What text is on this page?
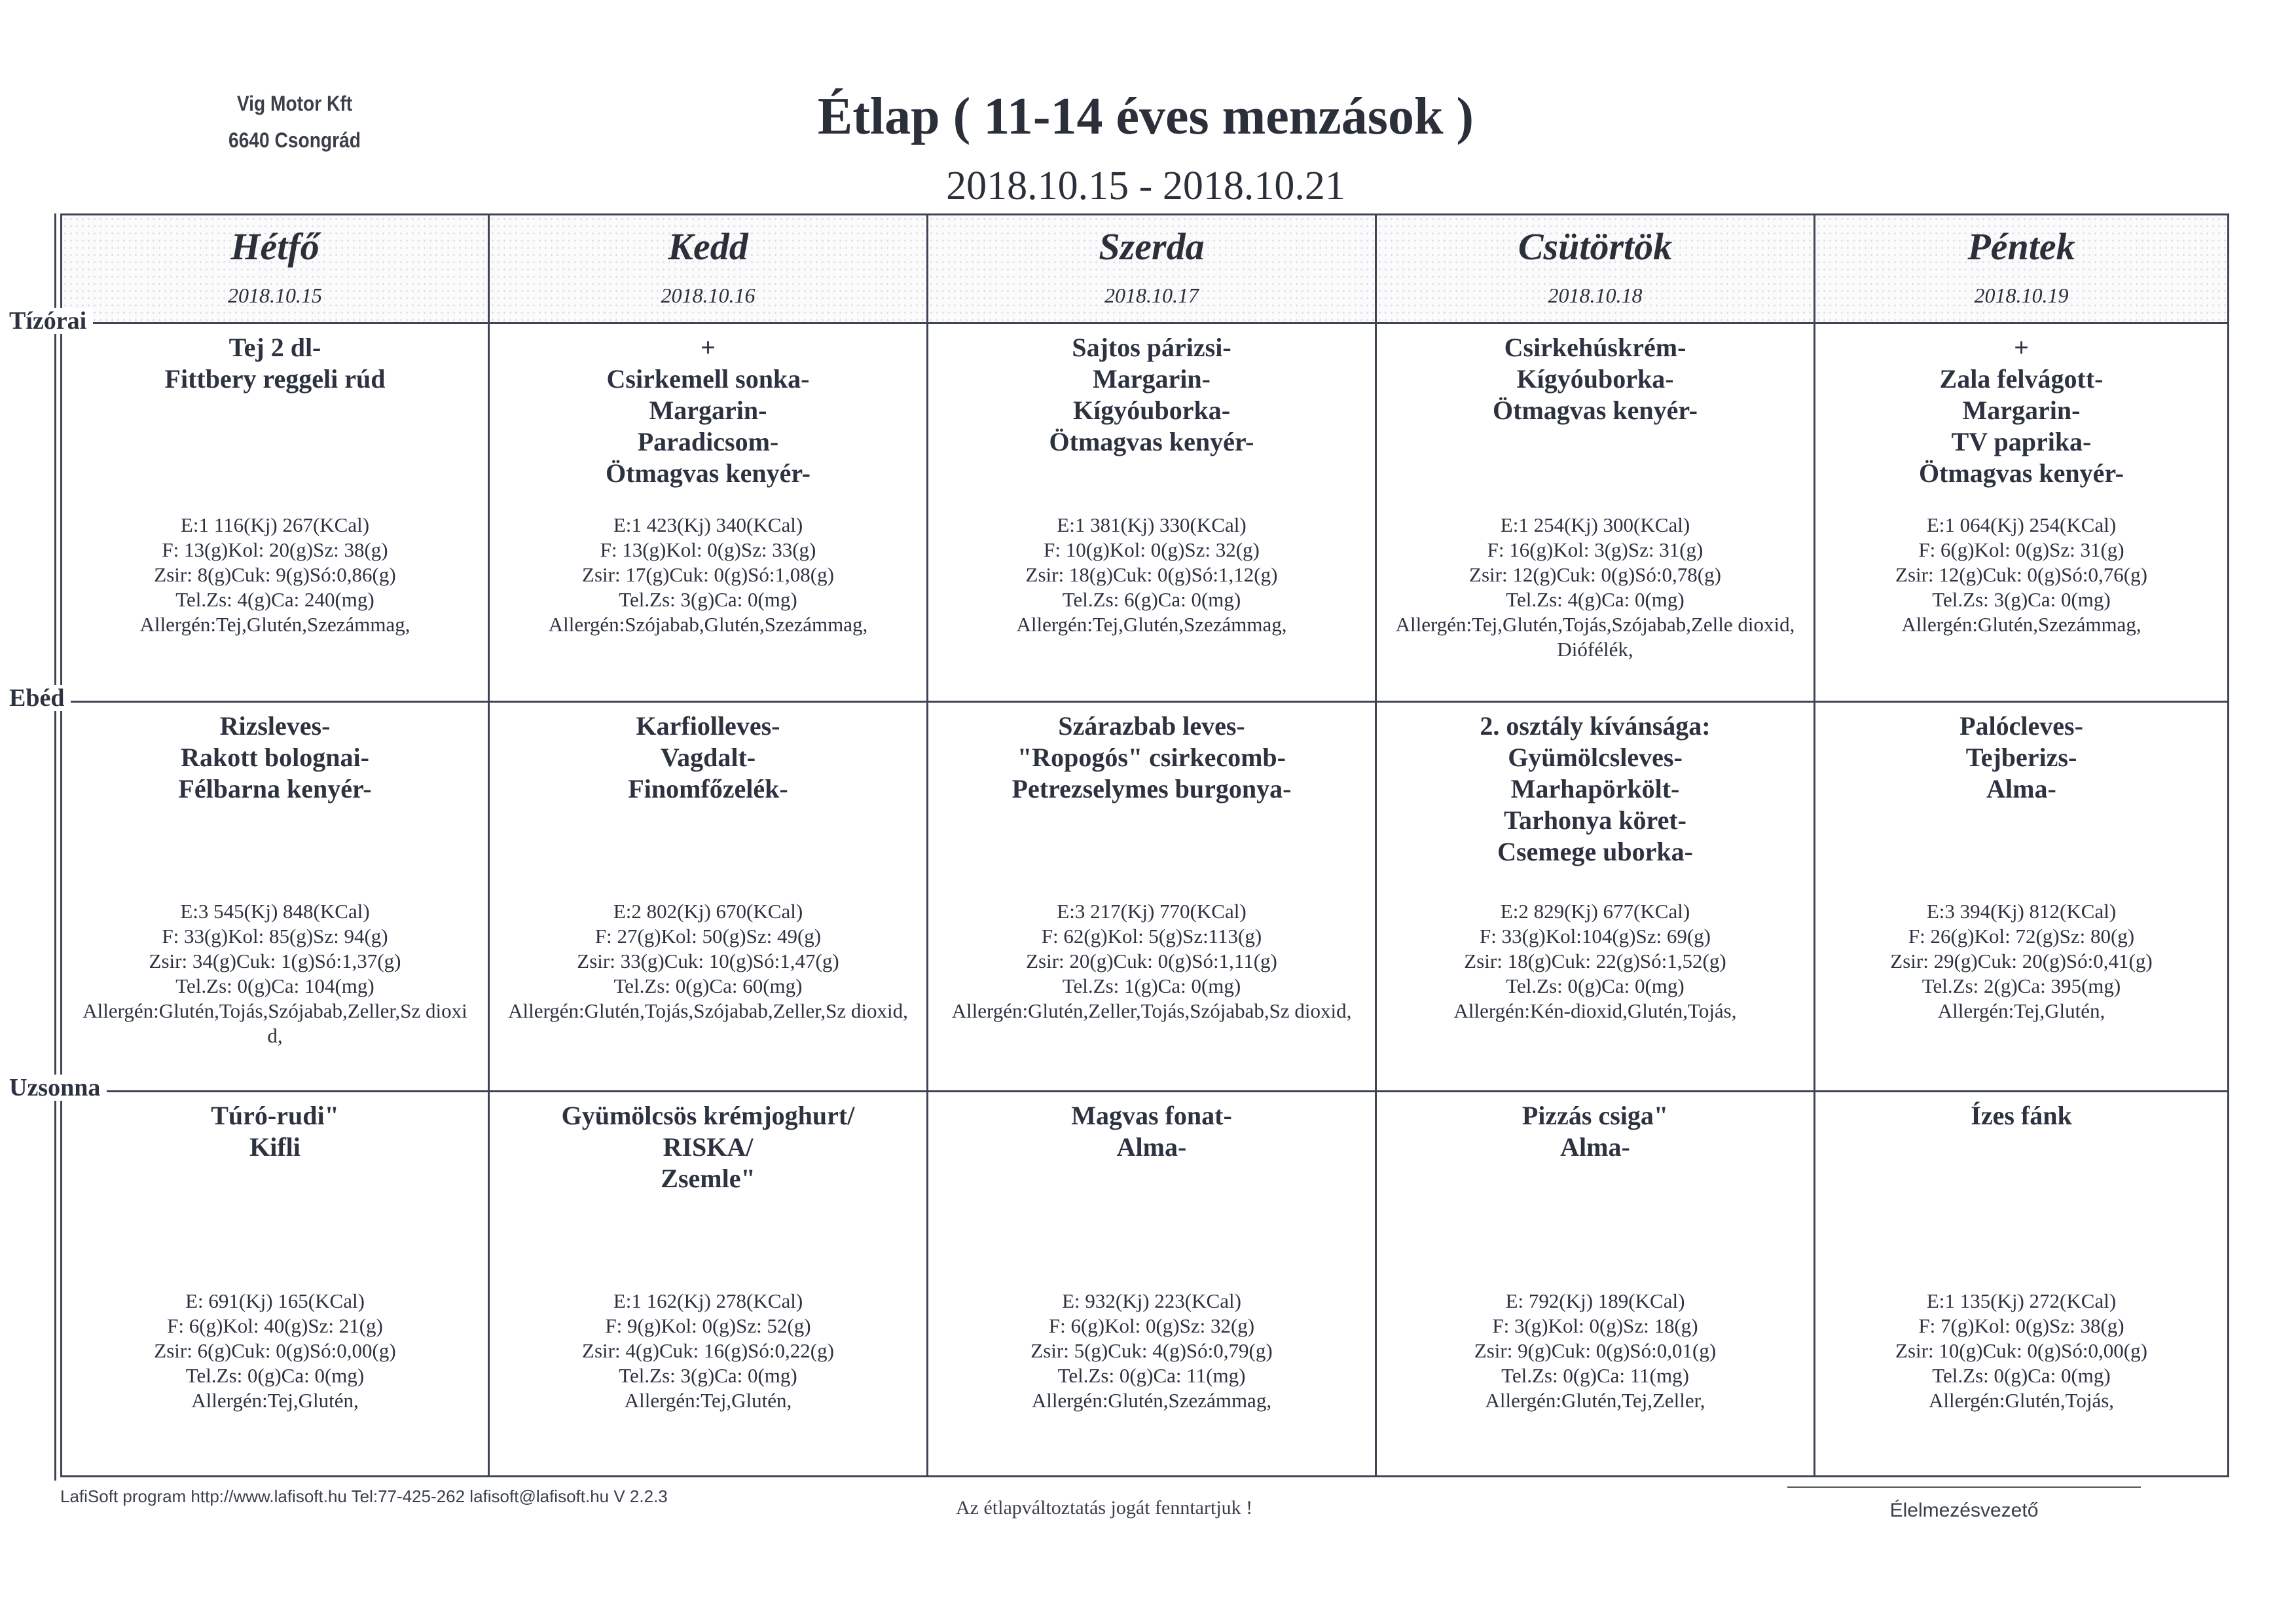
Vig Motor Kft
6640 Csongrád	Étlap ( 11-14 éves menzások )
2018.10.15 - 2018.10.21
Hétfő
2018.10.15
Tej 2 dl-
Fittbery reggeli rúd
E:1 116(Kj) 267(KCal)
F: 13(g)Kol: 20(g)Sz: 38(g)
Zsir: 8(g)Cuk: 9(g)Só:0,86(g)
Tel.Zs: 4(g)Ca: 240(mg)
Allergén:Tej,Glutén,Szezámmag,
Rizsleves-
Rakott bolognai-
Félbarna kenyér-
E:3 545(Kj) 848(KCal)
F: 33(g)Kol: 85(g)Sz: 94(g)
Zsir: 34(g)Cuk: 1(g)Só:1,37(g)
Tel.Zs: 0(g)Ca: 104(mg)
Allergén:Glutén,Tojás,Szójabab,Zeller,Sz dioxid,
Túró-rudi"
Kifli
E: 691(Kj) 165(KCal)
F: 6(g)Kol: 40(g)Sz: 21(g)
Zsir: 6(g)Cuk: 0(g)Só:0,00(g)
Tel.Zs: 0(g)Ca: 0(mg)
Allergén:Tej,Glutén,
Kedd
2018.10.16
+
Csirkemell sonka-
Margarin-
Paradicsom-
Ötmagvas kenyér-
E:1 423(Kj) 340(KCal)
F: 13(g)Kol: 0(g)Sz: 33(g)
Zsir: 17(g)Cuk: 0(g)Só:1,08(g)
Tel.Zs: 3(g)Ca: 0(mg)
Allergén:Szójabab,Glutén,Szezámmag,
Karfiolleves-
Vagdalt-
Finomfőzelék-
E:2 802(Kj) 670(KCal)
F: 27(g)Kol: 50(g)Sz: 49(g)
Zsir: 33(g)Cuk: 10(g)Só:1,47(g)
Tel.Zs: 0(g)Ca: 60(mg)
Allergén:Glutén,Tojás,Szójabab,Zeller,Sz dioxid,
Gyümölcsös krémjoghurt/
RISKA/
Zsemle"
E:1 162(Kj) 278(KCal)
F: 9(g)Kol: 0(g)Sz: 52(g)
Zsir: 4(g)Cuk: 16(g)Só:0,22(g)
Tel.Zs: 3(g)Ca: 0(mg)
Allergén:Tej,Glutén,
Szerda
2018.10.17
Sajtos párizsi-
Margarin-
Kígyóuborka-
Ötmagvas kenyér-
E:1 381(Kj) 330(KCal)
F: 10(g)Kol: 0(g)Sz: 32(g)
Zsir: 18(g)Cuk: 0(g)Só:1,12(g)
Tel.Zs: 6(g)Ca: 0(mg)
Allergén:Tej,Glutén,Szezámmag,
Szárazbab leves-
"Ropogós" csirkecomb-
Petrezselymes burgonya-
E:3 217(Kj) 770(KCal)
F: 62(g)Kol: 5(g)Sz:113(g)
Zsir: 20(g)Cuk: 0(g)Só:1,11(g)
Tel.Zs: 1(g)Ca: 0(mg)
Allergén:Glutén,Zeller,Tojás,Szójabab,Sz dioxid,
Magvas fonat-
Alma-
E: 932(Kj) 223(KCal)
F: 6(g)Kol: 0(g)Sz: 32(g)
Zsir: 5(g)Cuk: 4(g)Só:0,79(g)
Tel.Zs: 0(g)Ca: 11(mg)
Allergén:Glutén,Szezámmag,
Csütörtök
2018.10.18
Csirkehúskrém-
Kígyóuborka-
Ötmagvas kenyér-
E:1 254(Kj) 300(KCal)
F: 16(g)Kol: 3(g)Sz: 31(g)
Zsir: 12(g)Cuk: 0(g)Só:0,78(g)
Tel.Zs: 4(g)Ca: 0(mg)
Allergén:Tej,Glutén,Tojás,Szójabab,Zelle dioxid,Diófélék,
2. osztály kívánsága:
Gyümölcsleves-
Marhapörkölt-
Tarhonya köret-
Csemege uborka-
E:2 829(Kj) 677(KCal)
F: 33(g)Kol:104(g)Sz: 69(g)
Zsir: 18(g)Cuk: 22(g)Só:1,52(g)
Tel.Zs: 0(g)Ca: 0(mg)
Allergén:Kén-dioxid,Glutén,Tojás,
Pizzás csiga"
Alma-
E: 792(Kj) 189(KCal)
F: 3(g)Kol: 0(g)Sz: 18(g)
Zsir: 9(g)Cuk: 0(g)Só:0,01(g)
Tel.Zs: 0(g)Ca: 11(mg)
Allergén:Glutén,Tej,Zeller,
Péntek
2018.10.19
+
Zala felvágott-
Margarin-
TV paprika-
Ötmagvas kenyér-
E:1 064(Kj) 254(KCal)
F: 6(g)Kol: 0(g)Sz: 31(g)
Zsir: 12(g)Cuk: 0(g)Só:0,76(g)
Tel.Zs: 3(g)Ca: 0(mg)
Allergén:Glutén,Szezámmag,
Palócleves-
Tejberizs-
Alma-
E:3 394(Kj) 812(KCal)
F: 26(g)Kol: 72(g)Sz: 80(g)
Zsir: 29(g)Cuk: 20(g)Só:0,41(g)
Tel.Zs: 2(g)Ca: 395(mg)
Allergén:Tej,Glutén,
Ízes fánk
E:1 135(Kj) 272(KCal)
F: 7(g)Kol: 0(g)Sz: 38(g)
Zsir: 10(g)Cuk: 0(g)Só:0,00(g)
Tel.Zs: 0(g)Ca: 0(mg)
Allergén:Glutén,Tojás,
Tízórai
Ebéd
Uzsonna
LafiSoft program http://www.lafisoft.hu Tel:77-425-262 lafisoft@lafisoft.hu V 2.2.3
Az étlapváltoztatás jogát fenntartjuk !	Élelmezésvezető
